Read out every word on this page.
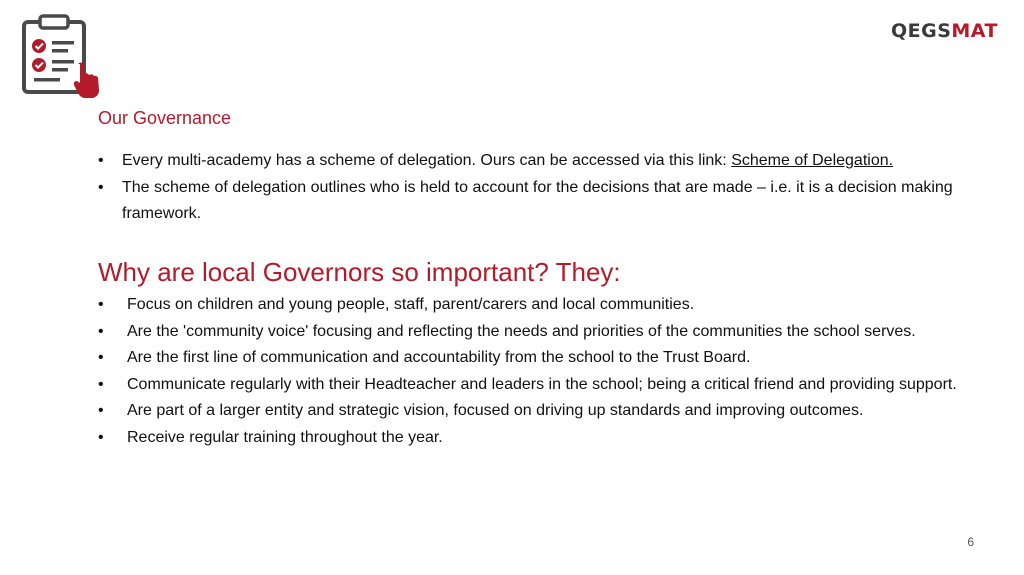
QEGSMAT
Our Governance
• Every multi-academy has a scheme of delegation. Ours can be accessed via this link: Scheme of Delegation.
• The scheme of delegation outlines who is held to account for the decisions that are made – i.e. it is a decision making framework.
Why are local Governors so important? They:
• Focus on children and young people, staff, parent/carers and local communities.
• Are the 'community voice' focusing and reflecting the needs and priorities of the communities the school serves.
• Are the first line of communication and accountability from the school to the Trust Board.
• Communicate regularly with their Headteacher and leaders in the school; being a critical friend and providing support.
• Are part of a larger entity and strategic vision, focused on driving up standards and improving outcomes.
• Receive regular training throughout the year.
6
